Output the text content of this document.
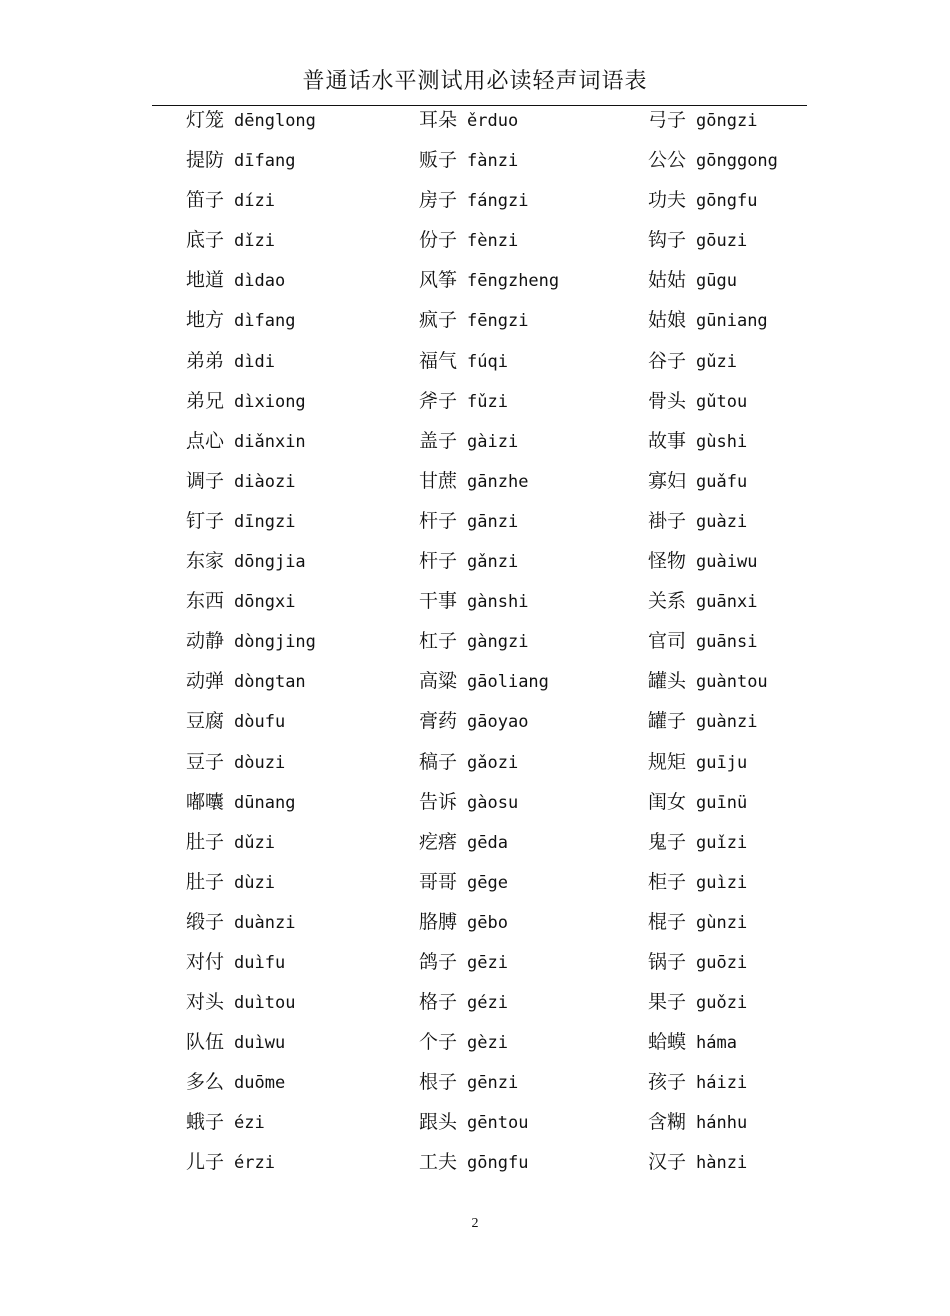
普通话水平测试用必读轻声词语表
灯笼 dēnglong
提防 dīfang
笛子 dízi
底子 dǐzi
地道 dìdao
地方 dìfang
弟弟 dìdi
弟兄 dìxiong
点心 diǎnxin
调子 diàozi
钉子 dīngzi
东家 dōngjia
东西 dōngxi
动静 dòngjing
动弹 dòngtan
豆腐 dòufu
豆子 dòuzi
嘟囔 dūnang
肚子 dǔzi
肚子 dùzi
缎子 duànzi
对付 duìfu
对头 duìtou
队伍 duìwu
多么 duōme
蛾子 ézi
儿子 érzi
耳朵 ěrduo
贩子 fànzi
房子 fángzi
份子 fènzi
风筝 fēngzheng
疯子 fēngzi
福气 fúqi
斧子 fǔzi
盖子 gàizi
甘蔗 gānzhe
杆子 gānzi
杆子 gǎnzi
干事 gànshi
杠子 gàngzi
高粱 gāoliang
膏药 gāoyao
稿子 gǎozi
告诉 gàosu
疙瘩 gēda
哥哥 gēge
胳膊 gēbo
鸽子 gēzi
格子 gézi
个子 gèzi
根子 gēnzi
跟头 gēntou
工夫 gōngfu
弓子 gōngzi
公公 gōnggong
功夫 gōngfu
钩子 gōuzi
姑姑 gūgu
姑娘 gūniang
谷子 gǔzi
骨头 gǔtou
故事 gùshi
寡妇 guǎfu
褂子 guàzi
怪物 guàiwu
关系 guānxi
官司 guānsi
罐头 guàntou
罐子 guànzi
规矩 guīju
闺女 guīnü
鬼子 guǐzi
柜子 guìzi
棍子 gùnzi
锅子 guōzi
果子 guǒzi
蛤蟆 háma
孩子 háizi
含糊 hánhu
汉子 hànzi
2
